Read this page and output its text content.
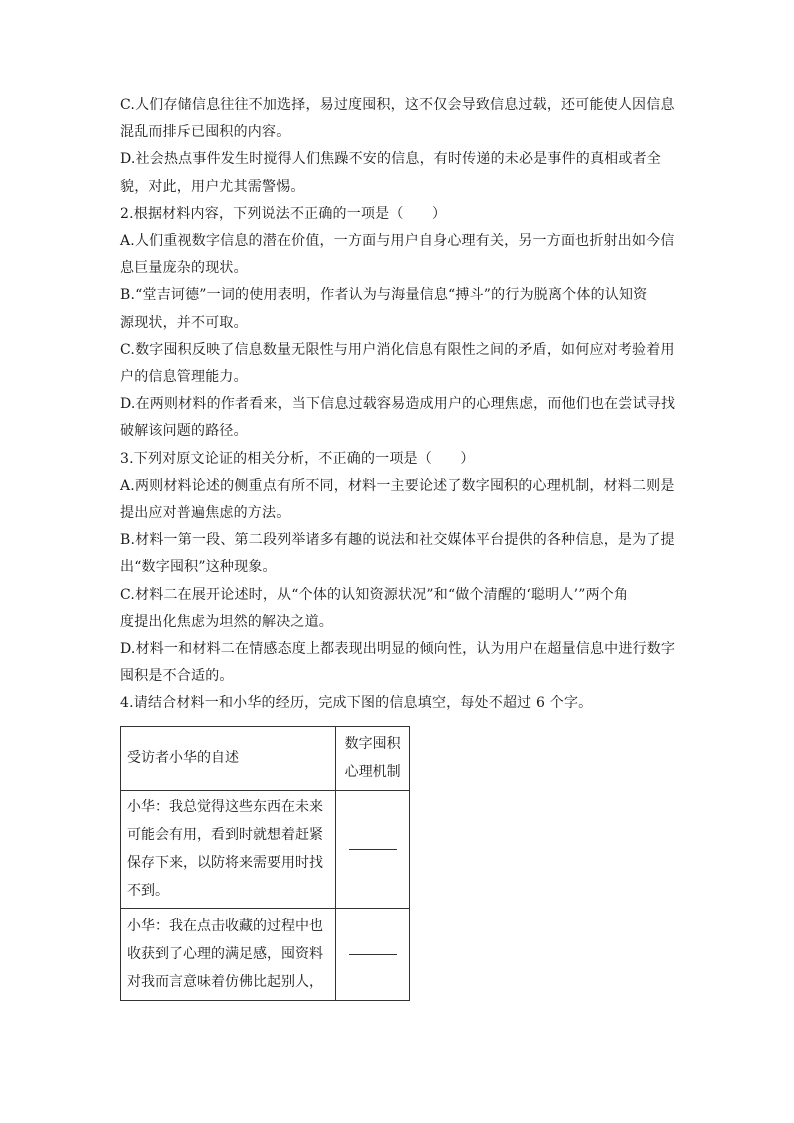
C.人们存储信息往往不加选择，易过度囤积，这不仅会导致信息过载，还可能使人因信息
混乱而排斥已囤积的内容。
D.社会热点事件发生时搅得人们焦躁不安的信息，有时传递的未必是事件的真相或者全
貌，对此，用户尤其需警惕。
2.根据材料内容，下列说法不正确的一项是（　　）
A.人们重视数字信息的潜在价值，一方面与用户自身心理有关，另一方面也折射出如今信
息巨量庞杂的现状。
B.“堂吉诃德”一词的使用表明，作者认为与海量信息“搏斗”的行为脱离个体的认知资
源现状，并不可取。
C.数字囤积反映了信息数量无限性与用户消化信息有限性之间的矛盾，如何应对考验着用
户的信息管理能力。
D.在两则材料的作者看来，当下信息过载容易造成用户的心理焦虑，而他们也在尝试寻找
破解该问题的路径。
3.下列对原文论证的相关分析，不正确的一项是（　　）
A.两则材料论述的侧重点有所不同，材料一主要论述了数字囤积的心理机制，材料二则是
提出应对普遍焦虑的方法。
B.材料一第一段、第二段列举诸多有趣的说法和社交媒体平台提供的各种信息，是为了提
出“数字囤积”这种现象。
C.材料二在展开论述时，从“个体的认知资源状况”和“做个清醒的‘聪明人’”两个角
度提出化焦虑为坦然的解决之道。
D.材料一和材料二在情感态度上都表现出明显的倾向性，认为用户在超量信息中进行数字
囤积是不合适的。
4.请结合材料一和小华的经历，完成下图的信息填空，每处不超过 6 个字。
受访者小华的自述	数字囤积
心理机制

小华：我总觉得这些东西在未来
可能会有用，看到时就想着赶紧
保存下来，以防将来需要用时找
不到。	

小华：我在点击收藏的过程中也
收获到了心理的满足感，囤资料
对我而言意味着仿佛比起别人，	
